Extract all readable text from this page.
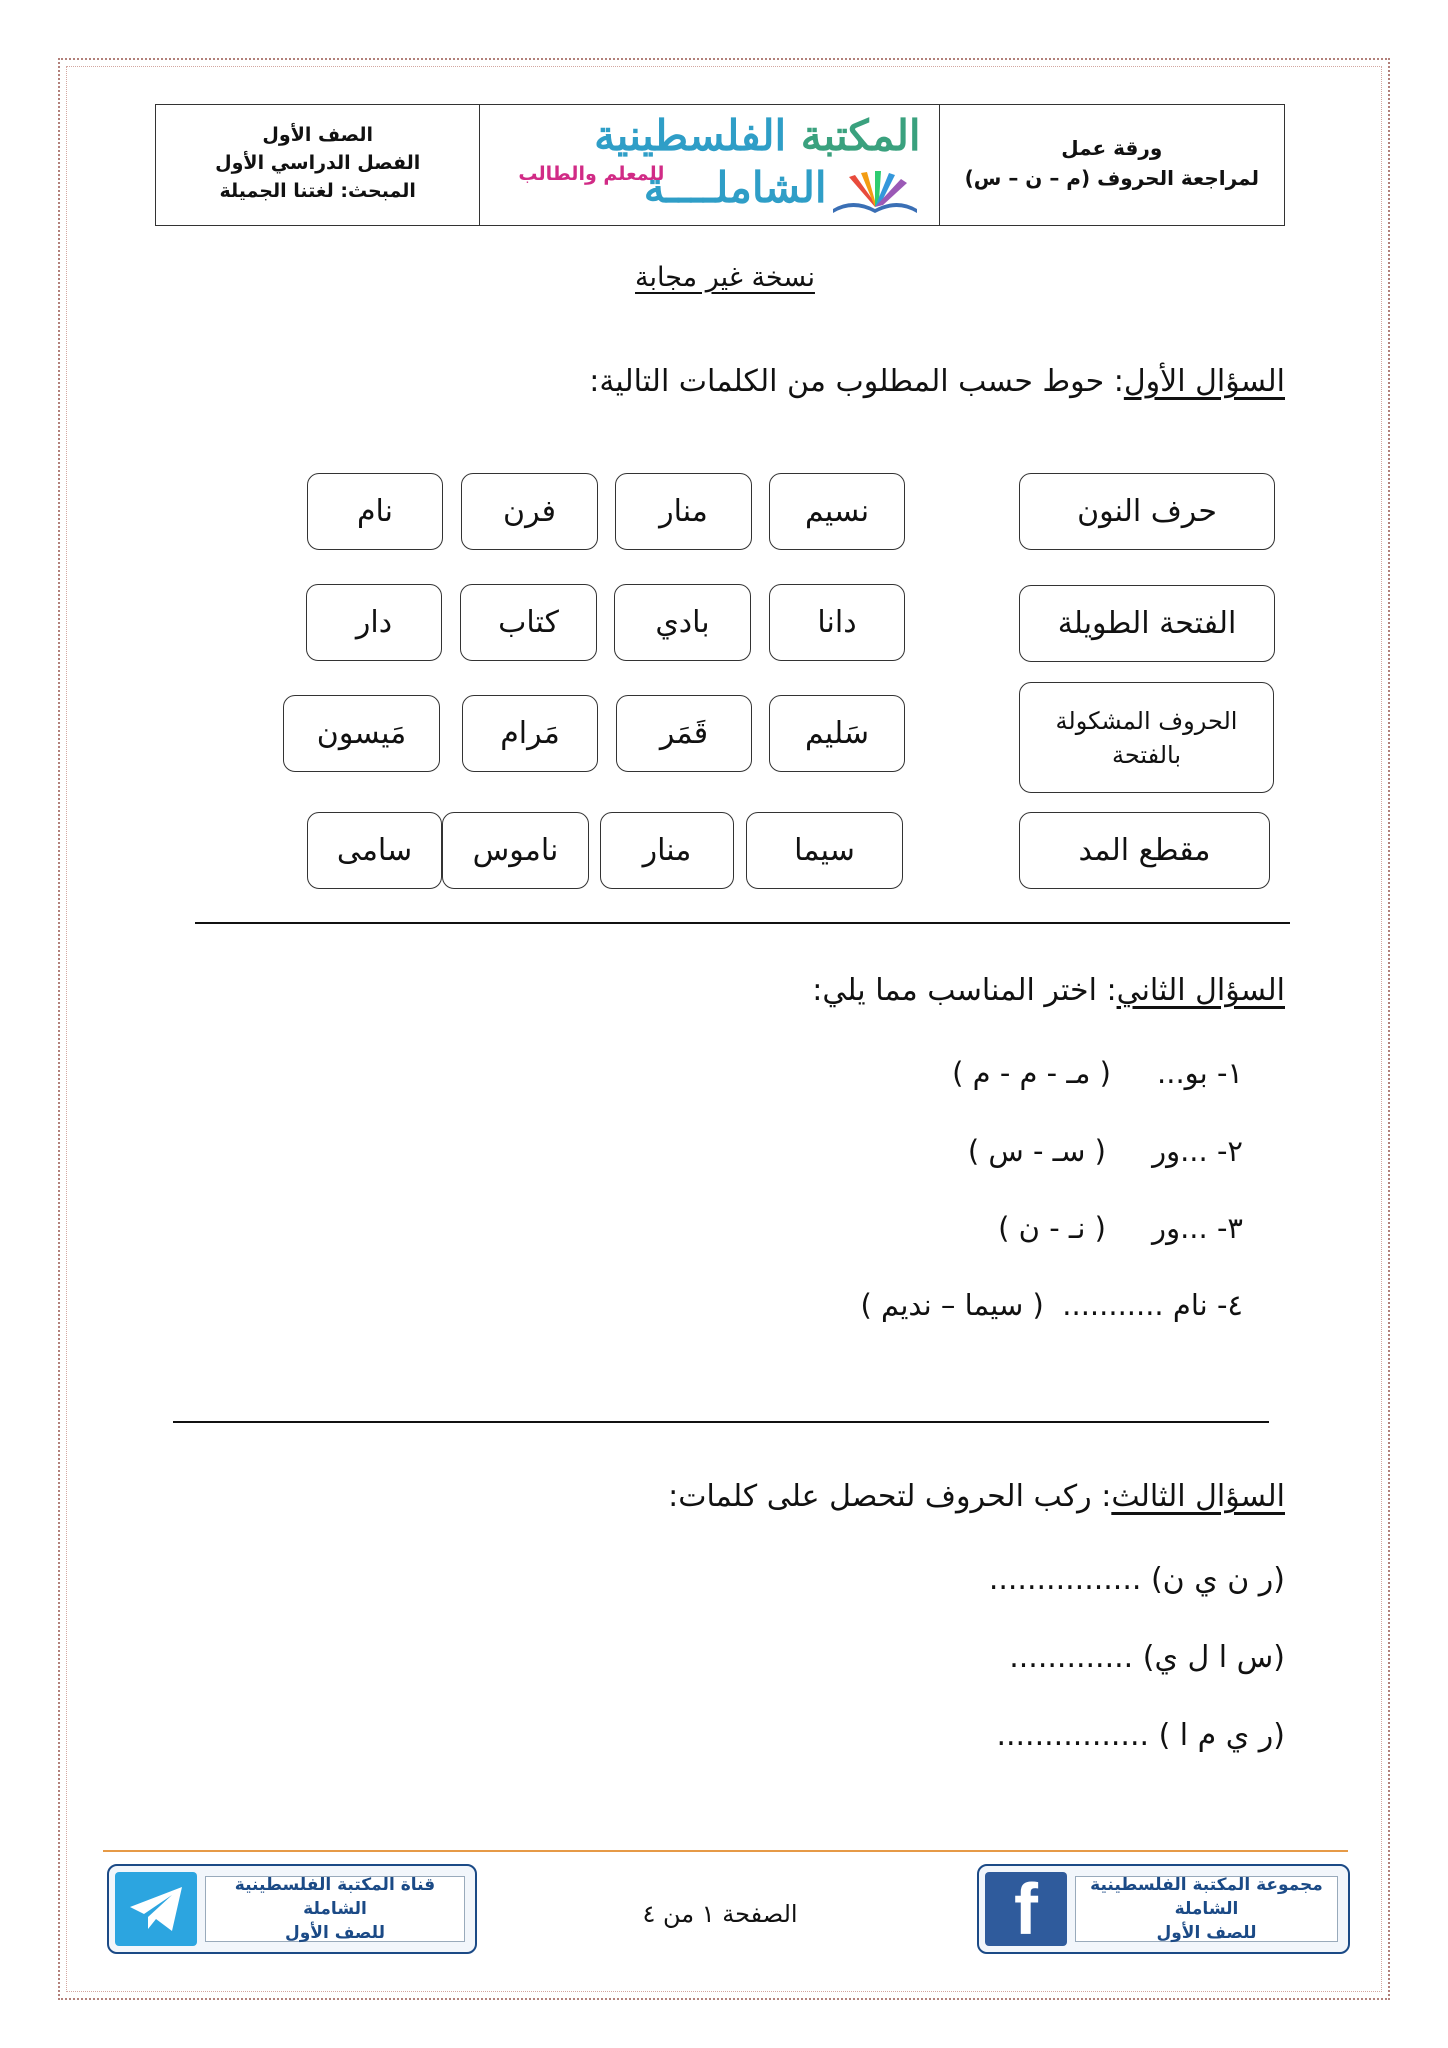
الصف الأول
الفصل الدراسي الأول
المبحث: لغتنا الجميلة
المكتبة الفلسطينية
الشاملــــة
للمعلم والطالب
ورقة عمل
لمراجعة الحروف (م – ن – س)
نسخة غير مجابة
السؤال الأول: حوط حسب المطلوب من الكلمات التالية:
حرف النون
نسيم
منار
فرن
نام
الفتحة الطويلة
دانا
بادي
كتاب
دار
الحروف المشكولة بالفتحة
سَليم
قَمَر
مَرام
مَيسون
مقطع المد
سيما
منار
ناموس
سامى
السؤال الثاني: اختر المناسب مما يلي:
١- بو...     ( مـ - م - م )
٢- ...ور     ( سـ - س )
٣- ...ور     ( نـ - ن )
٤- نام ...........  ( سيما – نديم )
السؤال الثالث: ركب الحروف لتحصل على كلمات:
(ر ن ي ن) ................
(س ا ل ي) .............
(ر ي م ا ) ................
قناة المكتبة الفلسطينية الشاملة
للصف الأول
الصفحة ١ من ٤	f	مجموعة المكتبة الفلسطينية الشاملة
للصف الأول
